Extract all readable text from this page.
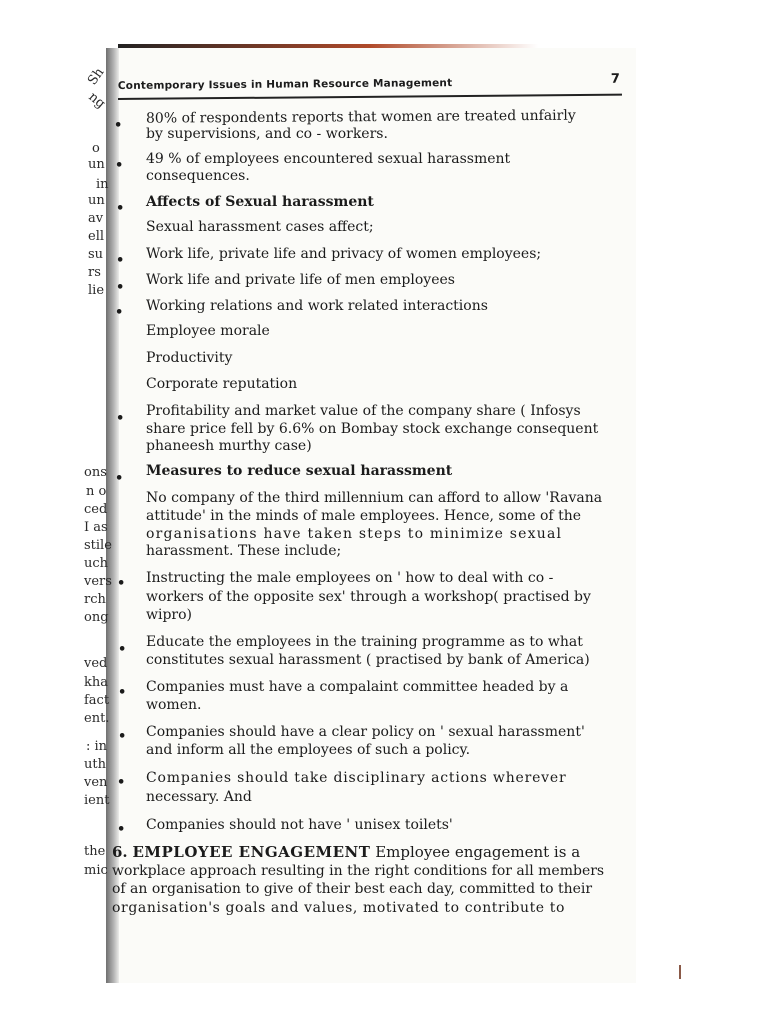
Contemporary Issues in Human Resource Management	7
•
•
•
•
•
•
•
•
•
•
•
•
•
•
80% of respondents reports that women are treated unfairly
by supervisions, and co - workers.
49 % of employees encountered sexual harassment
consequences.
Affects of Sexual harassment
Sexual harassment cases affect;
Work life, private life and privacy of women employees;
Work life and private life of men employees
Working relations and work related interactions
Employee morale
Productivity
Corporate reputation
Profitability and market value of the company share ( Infosys
share price fell by 6.6% on Bombay stock exchange consequent
phaneesh murthy case)
Measures to reduce sexual harassment
No company of the third millennium can afford to allow 'Ravana
attitude' in the minds of male employees. Hence, some of the
organisations have taken steps to minimize sexual
harassment. These include;
Instructing the male employees on ' how to deal with co -
workers of the opposite sex' through a workshop( practised by
wipro)
Educate the employees in the training programme as to what
constitutes sexual harassment ( practised by bank of America)
Companies must have a compalaint committee headed by a
women.
Companies should have a clear policy on ' sexual harassment'
and inform all the employees of such a policy.
Companies should take disciplinary actions wherever
necessary. And
Companies should not have ' unisex toilets'
6. EMPLOYEE ENGAGEMENT Employee engagement is a
workplace approach resulting in the right conditions for all members
of an organisation to give of their best each day, committed to their
organisation's goals and values, motivated to contribute to
Sh
ng
o
un
in
un
av
ell
su
rs
lie
ons
n o
ced
I as
stile
uch
vers
rch
ong
ved
kha
fact
ent.
: in
uth
ven
ient
the
mic
